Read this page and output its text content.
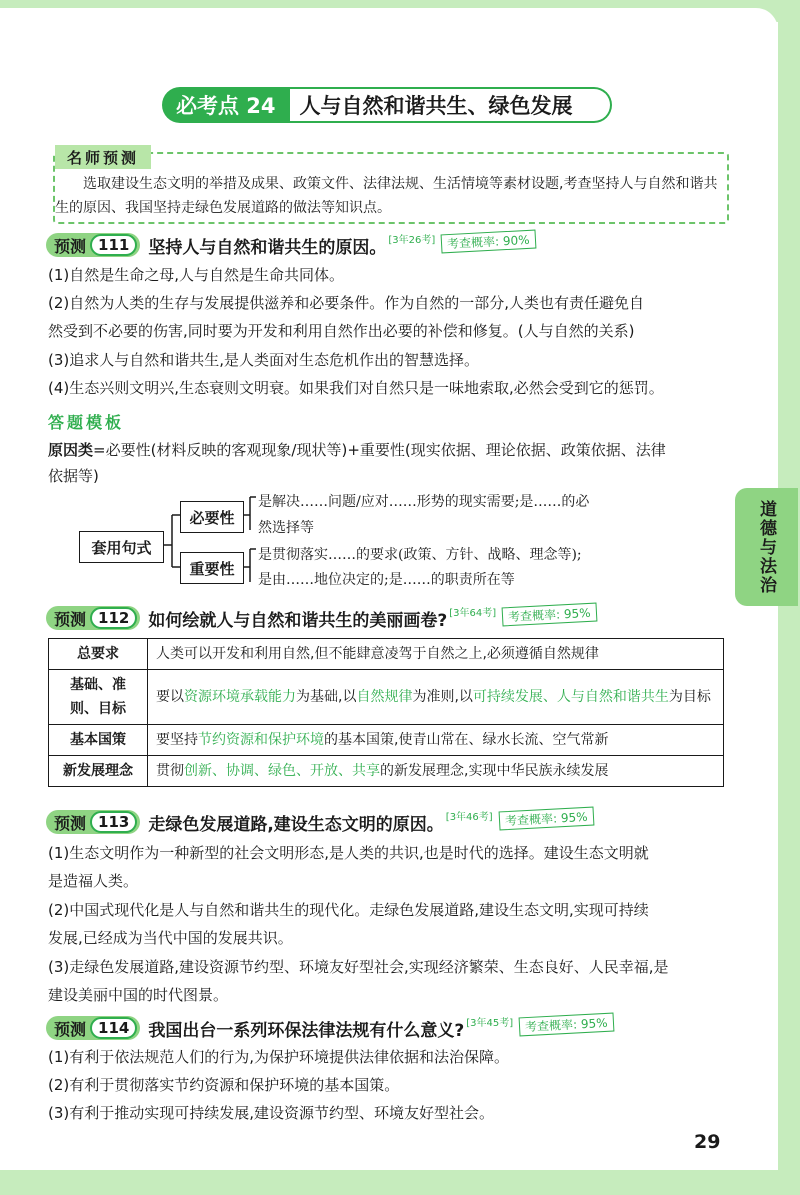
道德与法治
必考点 24	人与自然和谐共生、绿色发展
名师预测
选取建设生态文明的举措及成果、政策文件、法律法规、生活情境等素材设题,考查坚持人与自然和谐共生的原因、我国坚持走绿色发展道路的做法等知识点。
预测 111	坚持人与自然和谐共生的原因。 [3年26考] 考查概率: 90%
(1)自然是生命之母,人与自然是生命共同体。
(2)自然为人类的生存与发展提供滋养和必要条件。作为自然的一部分,人类也有责任避免自
然受到不必要的伤害,同时要为开发和利用自然作出必要的补偿和修复。(人与自然的关系)
(3)追求人与自然和谐共生,是人类面对生态危机作出的智慧选择。
(4)生态兴则文明兴,生态衰则文明衰。如果我们对自然只是一味地索取,必然会受到它的惩罚。
答题模板
原因类=必要性(材料反映的客观现象/现状等)+重要性(现实依据、理论依据、政策依据、法律
依据等)
套用句式
必要性
重要性
是解决……问题/应对……形势的现实需要;是……的必
然选择等
是贯彻落实……的要求(政策、方针、战略、理念等);
是由……地位决定的;是……的职责所在等
预测 112	如何绘就人与自然和谐共生的美丽画卷? [3年64考] 考查概率: 95%
总要求	人类可以开发和利用自然,但不能肆意凌驾于自然之上,必须遵循自然规律
基础、准则、目标	要以资源环境承载能力为基础,以自然规律为准则,以可持续发展、人与自然和谐共生为目标
基本国策	要坚持节约资源和保护环境的基本国策,使青山常在、绿水长流、空气常新
新发展理念	贯彻创新、协调、绿色、开放、共享的新发展理念,实现中华民族永续发展
预测 113	走绿色发展道路,建设生态文明的原因。 [3年46考] 考查概率: 95%
(1)生态文明作为一种新型的社会文明形态,是人类的共识,也是时代的选择。建设生态文明就
是造福人类。
(2)中国式现代化是人与自然和谐共生的现代化。走绿色发展道路,建设生态文明,实现可持续
发展,已经成为当代中国的发展共识。
(3)走绿色发展道路,建设资源节约型、环境友好型社会,实现经济繁荣、生态良好、人民幸福,是
建设美丽中国的时代图景。
预测 114	我国出台一系列环保法律法规有什么意义? [3年45考] 考查概率: 95%
(1)有利于依法规范人们的行为,为保护环境提供法律依据和法治保障。
(2)有利于贯彻落实节约资源和保护环境的基本国策。
(3)有利于推动实现可持续发展,建设资源节约型、环境友好型社会。
29
